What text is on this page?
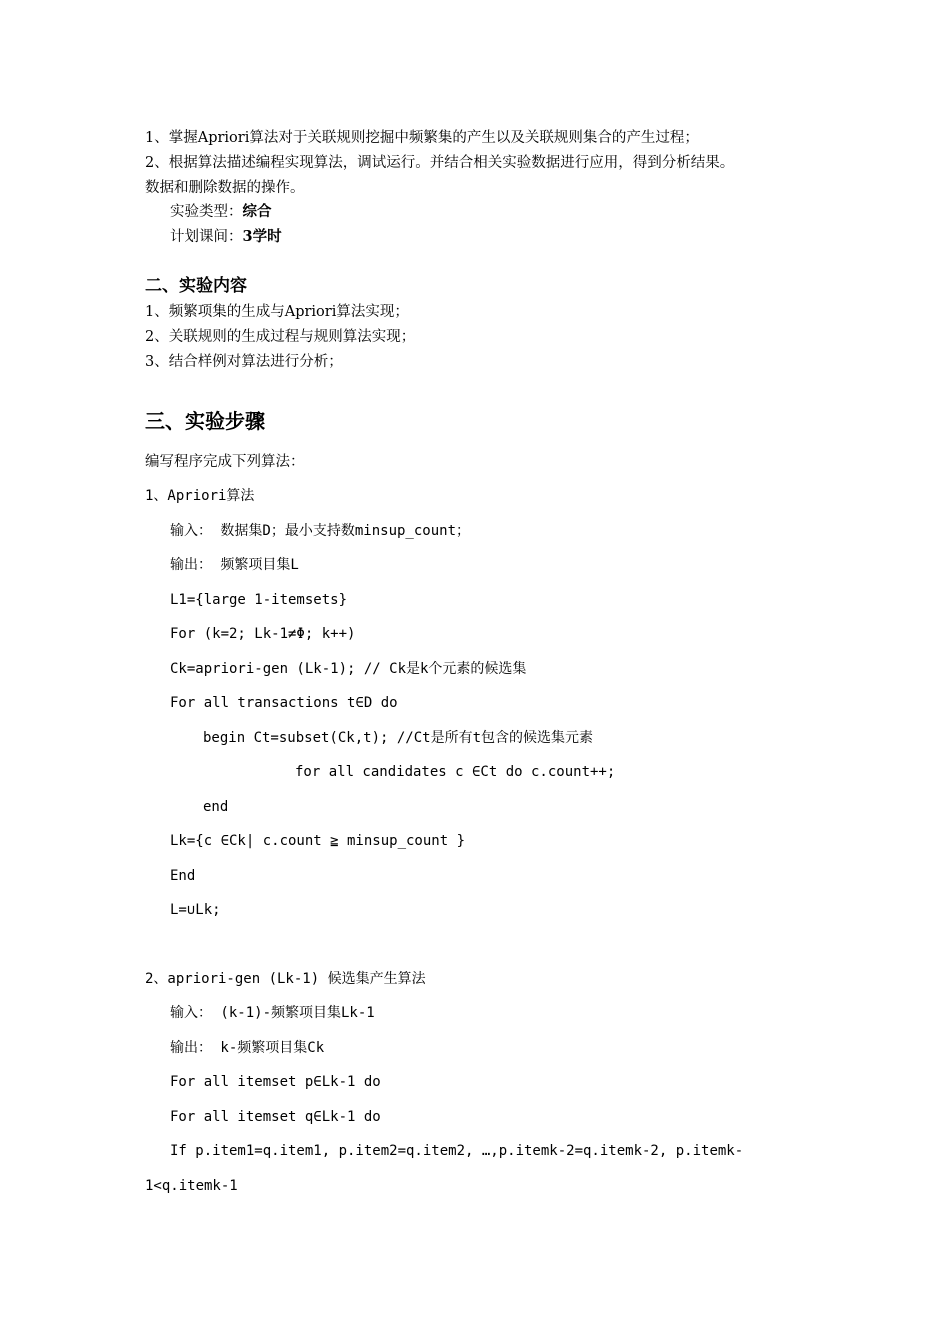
1、掌握Apriori算法对于关联规则挖掘中频繁集的产生以及关联规则集合的产生过程；
2、根据算法描述编程实现算法，调试运行。并结合相关实验数据进行应用，得到分析结果。
数据和删除数据的操作。
实验类型：综合
计划课间：3学时
二、实验内容
1、频繁项集的生成与Apriori算法实现；
2、关联规则的生成过程与规则算法实现；
3、结合样例对算法进行分析；
三、实验步骤
编写程序完成下列算法：
1、Apriori算法
输入： 数据集D；最小支持数minsup_count；
输出： 频繁项目集L
L1={large 1-itemsets}
For (k=2; Lk-1≠Φ; k++)
Ck=apriori-gen (Lk-1); // Ck是k个元素的候选集
For all transactions t∈D do
begin Ct=subset(Ck,t); //Ct是所有t包含的候选集元素
for all candidates c ∈Ct do c.count++;
end
Lk={c ∈Ck| c.count ≧ minsup_count }
End
L=∪Lk;
2、apriori-gen (Lk-1) 候选集产生算法
输入： (k-1)-频繁项目集Lk-1
输出： k-频繁项目集Ck
For all itemset p∈Lk-1 do
For all itemset q∈Lk-1 do
If p.item1=q.item1, p.item2=q.item2, …,p.itemk-2=q.itemk-2, p.itemk-
1<q.itemk-1
